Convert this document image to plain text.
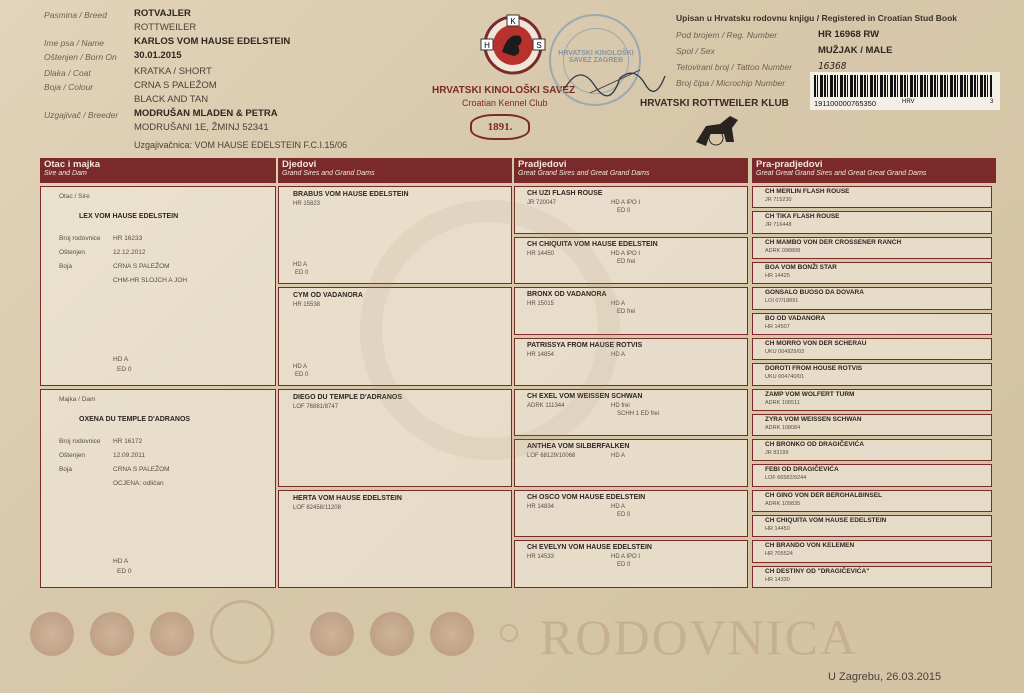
Pasmina / Breed	ROTVAJLER
ROTTWEILER
Ime psa / Name	KARLOS VOM HAUSE EDELSTEIN
Oštenjen / Born On 30.01.2015
Dlaka / Coat	KRATKA / SHORT
Boja / Colour	CRNA S PALEŽOM
BLACK AND TAN
Uzgajivač / Breeder MODRUŠAN MLADEN & PETRA
MODRUŠANI 1E, ŽMINJ 52341
Uzgajivačnica: VOM HAUSE EDELSTEIN F.C.I.15/06
K
H	S
HRVATSKI KINOLOŠKI SAVEZ
Croatian Kennel Club
1891.
HRVATSKI KINOLOŠKI SAVEZ ZAGREB
HRVATSKI ROTTWEILER KLUB
Upisan u Hrvatsku rodovnu knjigu / Registered in Croatian Stud Book
Pod brojem / Reg. Number	HR 16968 RW
Spol / Sex	MUŽJAK / MALE
Tetovirani broj / Tattoo Number	16368
Broj čipa / Microchip Number
191100000765350	HRV	3
Otac i majka
Sire and Dam
Djedovi
Grand Sires and Grand Dams
Pradjedovi
Great Grand Sires and Great Grand Dams
Pra-pradjedovi
Great Great Grand Sires and Great Great Grand Dams
Otac / Sire
LEX VOM HAUSE EDELSTEIN
Broj rodovnice HR 16233
Oštenjen	12.12.2012
Boja	CRNA S PALEŽOM
CHM-HR SLOJCH A JOH
HD A
ED 0
Majka / Dam
OXENA DU TEMPLE D'ADRANOS
Broj rodovnice HR 16172
Oštenjen	12.09.2011
Boja	CRNA S PALEŽOM
OCJENA: odličan
HD A
ED 0
BRABUS VOM HAUSE EDELSTEIN
HR 15823
HD A
ED 0
CYM OD VADANORA
HR 15538
HD A
ED 0
DIEGO DU TEMPLE D'ADRANOS
LOF 76881/8747
HERTA VOM HAUSE EDELSTEIN
LOF 82458/11208
CH UZI FLASH ROUSE
JR 720047	HD A IPO I
ED 0
CH CHIQUITA VOM HAUSE EDELSTEIN
HR 14450	HD A IPO I
ED frei
BRONX OD VADANORA
HR 15015	HD A
ED frei
PATRISSYA FROM HAUSE ROTVIS
HR 14854	HD A
CH EXEL VOM WEISSEN SCHWAN
ADRK 111344	HD frei
SCHH 1 ED frei
ANTHEA VOM SILBERFALKEN
LOF 68129/10068	HD A
CH OSCO VOM HAUSE EDELSTEIN
HR 14834	HD A
ED 0
CH EVELYN VOM HAUSE EDELSTEIN
HR 14533	HD A IPO I
ED 0
CH MERLIN FLASH ROUSE
JR 715230
CH TIKA FLASH ROUSE
JR 716448
CH MAMBO VON DER CROSSENER RANCH
ADRK 098808
BOA VOM BONŽI STAR
HR 14425
GONSALO BUOSO DA DOVARA
LOI 07/18891
BO OD VADANORA
HR 14507
CH MORRO VON DER SCHERAU
UKU 004929/03
DOROTI FROM HOUSE ROTVIS
UKU 004740/01
ZAMP VOM WOLFERT TURM
ADRK 106511
ZYRA VOM WEISSEN SCHWAN
ADRK 108084
CH BRONKO OD DRAGIČEVIĆA
JR 83199
FEBI OD DRAGIČEVIĆA
LOF 66582/9244
CH GINO VON DER BERGHALBINSEL
ADRK 109835
CH CHIQUITA VOM HAUSE EDELSTEIN
HR 14450
CH BRANDO VON KELEMEN
HR 705524
CH DESTINY OD "DRAGIČEVIĆA"
HR 14330
RODOVNICA
U Zagrebu, 26.03.2015
